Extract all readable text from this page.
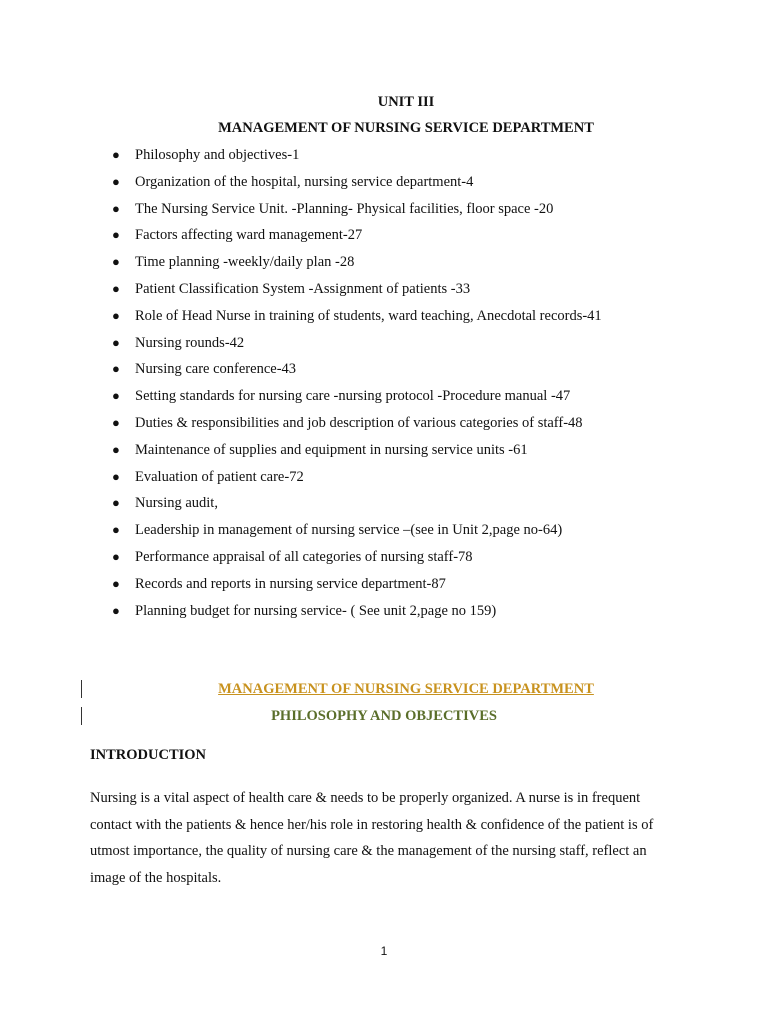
UNIT III
MANAGEMENT OF NURSING SERVICE DEPARTMENT
● Philosophy and objectives-1
● Organization of the hospital, nursing service department-4
● The Nursing Service Unit. -Planning- Physical facilities, floor space -20
● Factors affecting ward management-27
● Time planning -weekly/daily plan -28
● Patient Classification System -Assignment of patients -33
● Role of Head Nurse in training of students, ward teaching, Anecdotal records-41
● Nursing rounds-42
● Nursing care conference-43
● Setting standards for nursing care -nursing protocol -Procedure manual -47
● Duties & responsibilities and job description of various categories of staff-48
● Maintenance of supplies and equipment in nursing service units -61
● Evaluation of patient care-72
● Nursing audit,
● Leadership in management of nursing service –(see in Unit 2,page no-64)
● Performance appraisal of all categories of nursing staff-78
● Records and reports in nursing service department-87
● Planning budget for nursing service- ( See unit 2,page no 159)
MANAGEMENT OF NURSING SERVICE DEPARTMENT
PHILOSOPHY AND OBJECTIVES
INTRODUCTION
Nursing is a vital aspect of health care & needs to be properly organized. A nurse is in frequent
contact with the patients & hence her/his role in restoring health & confidence of the patient is of
utmost importance, the quality of nursing care & the management of the nursing staff, reflect an
image of the hospitals.
1
